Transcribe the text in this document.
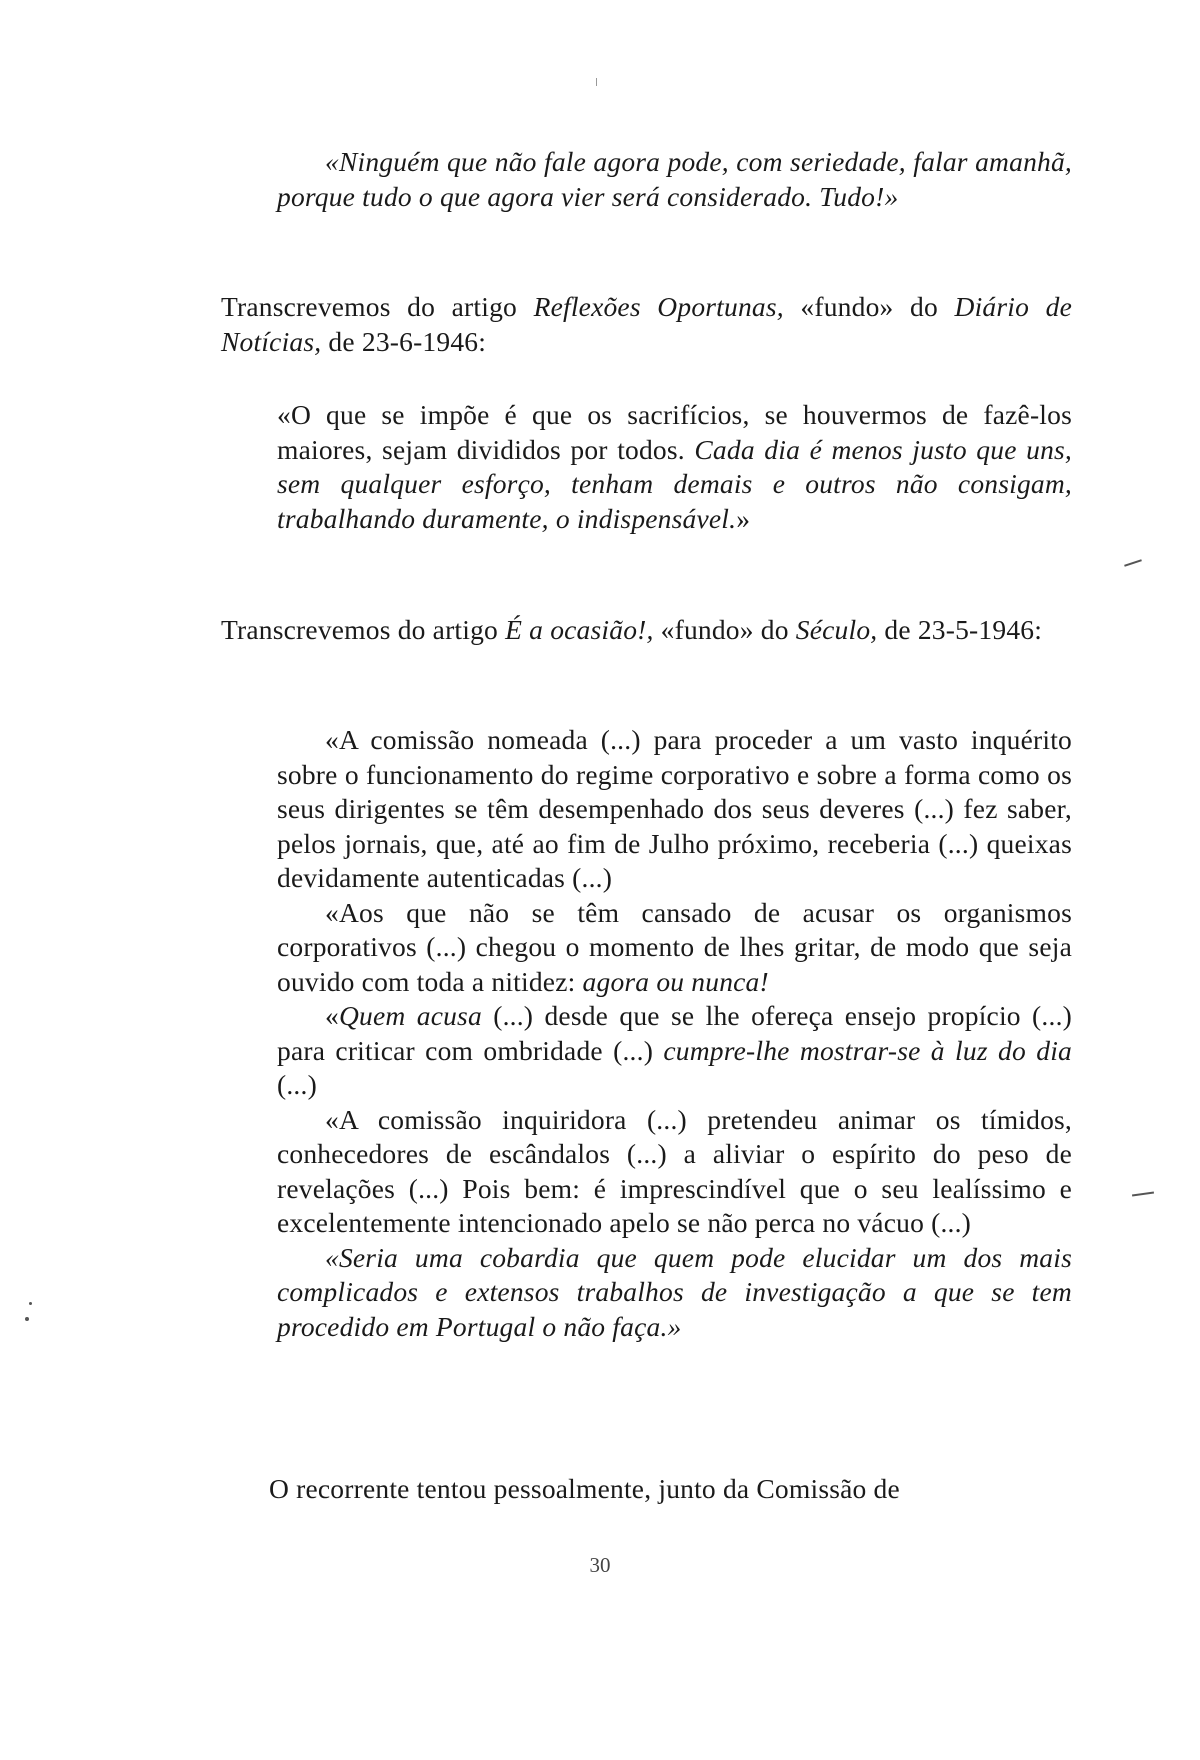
«Ninguém que não fale agora pode, com seriedade, falar amanhã, porque tudo o que agora vier será considerado. Tudo!»

Transcrevemos do artigo Reflexões Oportunas, «fundo» do Diário de Notícias, de 23-6-1946:

«O que se impõe é que os sacrifícios, se houvermos de fazê-los maiores, sejam divididos por todos. Cada dia é menos justo que uns, sem qualquer esforço, tenham demais e outros não consigam, trabalhando duramente, o indispensável.»

Transcrevemos do artigo É a ocasião!, «fundo» do Século, de 23-5-1946:

«A comissão nomeada (...) para proceder a um vasto inquérito sobre o funcionamento do regime corporativo e sobre a forma como os seus dirigentes se têm desempenhado dos seus deveres (...) fez saber, pelos jornais, que, até ao fim de Julho próximo, receberia (...) queixas devidamente autenticadas (...)
«Aos que não se têm cansado de acusar os organismos corporativos (...) chegou o momento de lhes gritar, de modo que seja ouvido com toda a nitidez: agora ou nunca!
«Quem acusa (...) desde que se lhe ofereça ensejo propício (...) para criticar com ombridade (...) cumpre-lhe mostrar-se à luz do dia (...)
«A comissão inquiridora (...) pretendeu animar os tímidos, conhecedores de escândalos (...) a aliviar o espírito do peso de revelações (...) Pois bem: é imprescindível que o seu lealíssimo e excelentemente intencionado apelo se não perca no vácuo (...)
«Seria uma cobardia que quem pode elucidar um dos mais complicados e extensos trabalhos de investigação a que se tem procedido em Portugal o não faça.»

O recorrente tentou pessoalmente, junto da Comissão de

30
